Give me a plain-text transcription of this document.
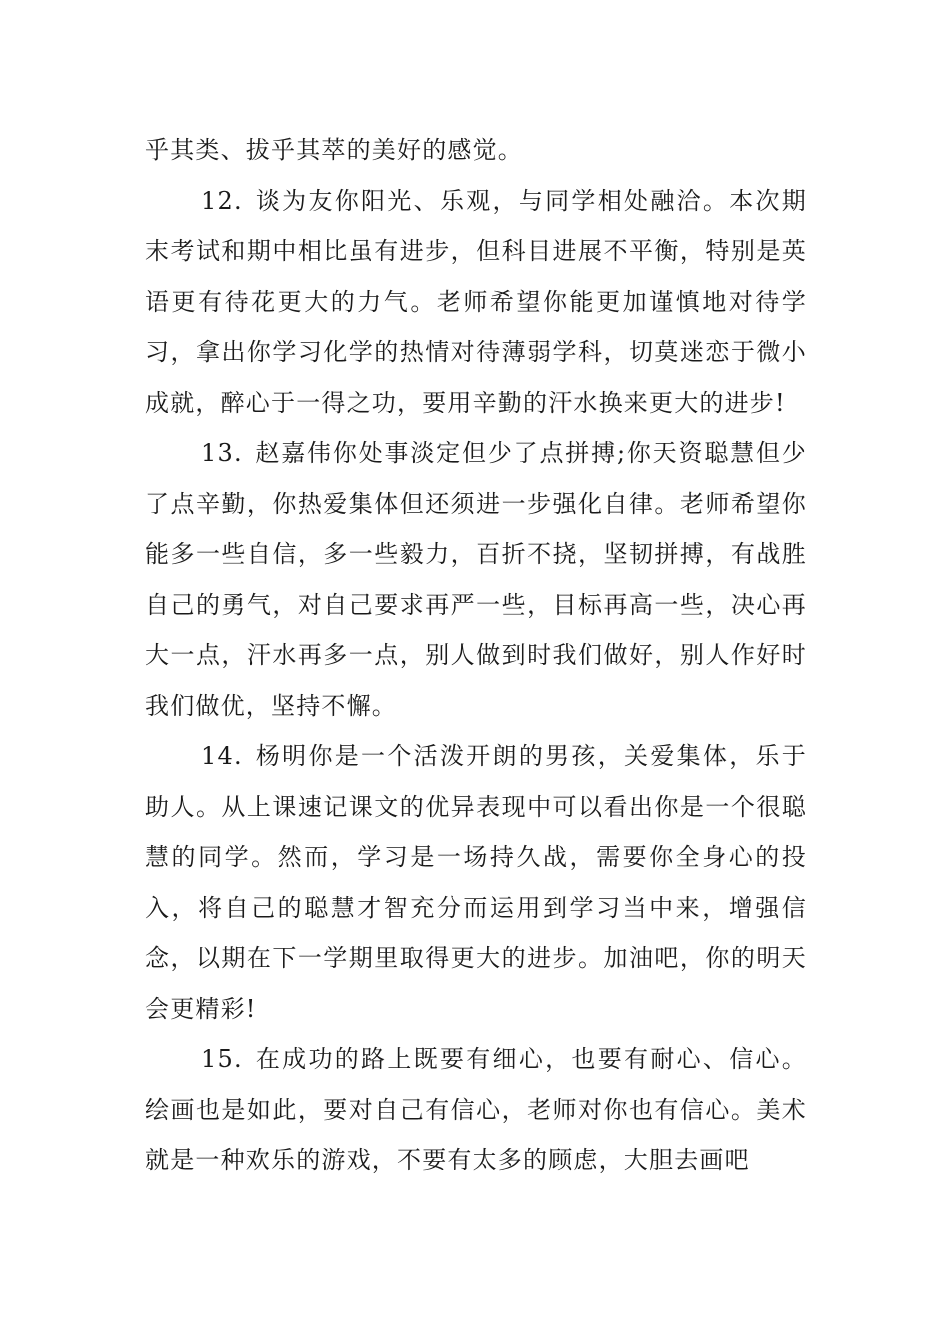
乎其类、拔乎其萃的美好的感觉。

12. 谈为友你阳光、乐观，与同学相处融洽。本次期末考试和期中相比虽有进步，但科目进展不平衡，特别是英语更有待花更大的力气。老师希望你能更加谨慎地对待学习，拿出你学习化学的热情对待薄弱学科，切莫迷恋于微小成就，醉心于一得之功，要用辛勤的汗水换来更大的进步!

13. 赵嘉伟你处事淡定但少了点拼搏;你天资聪慧但少了点辛勤，你热爱集体但还须进一步强化自律。老师希望你能多一些自信，多一些毅力，百折不挠，坚韧拼搏，有战胜自己的勇气，对自己要求再严一些，目标再高一些，决心再大一点，汗水再多一点，别人做到时我们做好，别人作好时我们做优，坚持不懈。

14. 杨明你是一个活泼开朗的男孩，关爱集体，乐于助人。从上课速记课文的优异表现中可以看出你是一个很聪慧的同学。然而，学习是一场持久战，需要你全身心的投入，将自己的聪慧才智充分而运用到学习当中来，增强信念，以期在下一学期里取得更大的进步。加油吧，你的明天会更精彩!

15. 在成功的路上既要有细心，也要有耐心、信心。绘画也是如此，要对自己有信心，老师对你也有信心。美术就是一种欢乐的游戏，不要有太多的顾虑，大胆去画吧
